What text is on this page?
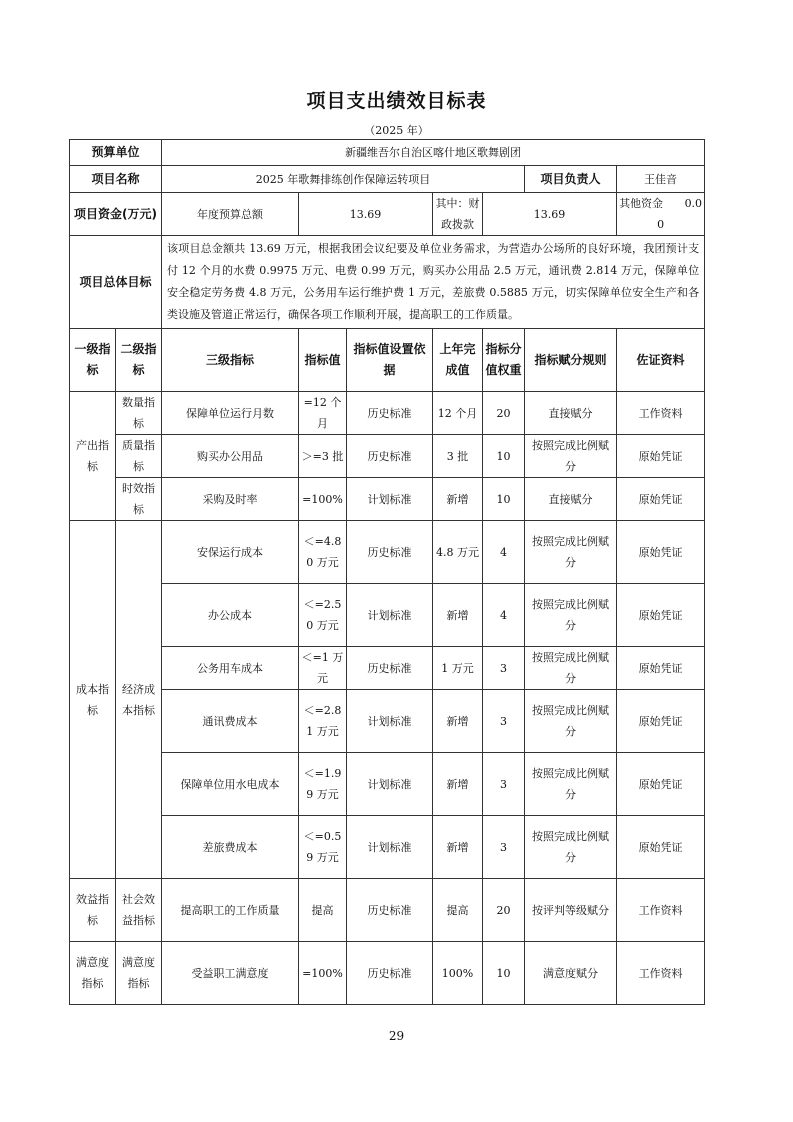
项目支出绩效目标表
（2025 年）
预算单位		新疆维吾尔自治区喀什地区歌舞剧团						
项目名称		2025 年歌舞排练创作保障运转项目					项目负责人	王佳音
项目资金(万元)		年度预算总额	13.69		其中：财政拨款	13.69		其他资金 0.00
项目总体目标		该项目总金额共 13.69 万元，根据我团会议纪要及单位业务需求，为营造办公场所的良好环境，我团预计支付 12 个月的水费 0.9975 万元、电费 0.99 万元，购买办公用品 2.5 万元，通讯费 2.814 万元，保障单位安全稳定劳务费 4.8 万元，公务用车运行维护费 1 万元，差旅费 0.5885 万元，切实保障单位安全生产和各类设施及管道正常运行，确保各项工作顺利开展，提高职工的工作质量。						
一级指标	二级指标	三级指标	指标值	指标值设置依据	上年完成值	指标分值权重	指标赋分规则	佐证资料
产出指标	数量指标	保障单位运行月数	=12 个月	历史标准	12 个月	20	直接赋分	工作资料
	质量指标	购买办公用品	＞=3 批	历史标准	3 批	10	按照完成比例赋分	原始凭证
	时效指标	采购及时率	=100%	计划标准	新增	10	直接赋分	原始凭证
成本指标	经济成本指标	安保运行成本	＜=4.80 万元	历史标准	4.8 万元	4	按照完成比例赋分	原始凭证
		办公成本	＜=2.50 万元	计划标准	新增	4	按照完成比例赋分	原始凭证
		公务用车成本	＜=1 万元	历史标准	1 万元	3	按照完成比例赋分	原始凭证
		通讯费成本	＜=2.81 万元	计划标准	新增	3	按照完成比例赋分	原始凭证
		保障单位用水电成本	＜=1.99 万元	计划标准	新增	3	按照完成比例赋分	原始凭证
		差旅费成本	＜=0.59 万元	计划标准	新增	3	按照完成比例赋分	原始凭证
效益指标	社会效益指标	提高职工的工作质量	提高	历史标准	提高	20	按评判等级赋分	工作资料
满意度指标	满意度指标	受益职工满意度	=100%	历史标准	100%	10	满意度赋分	工作资料
29
